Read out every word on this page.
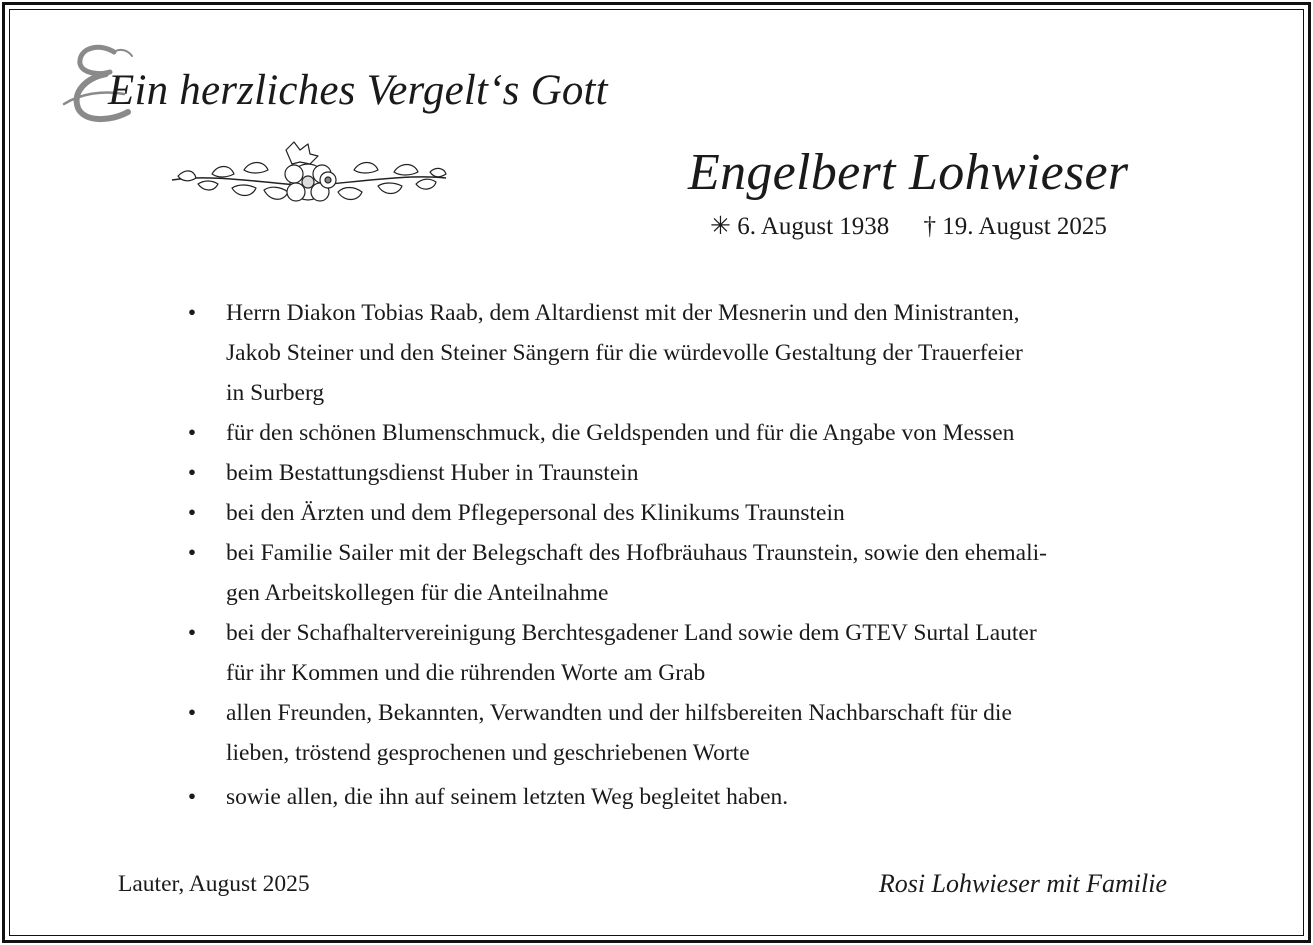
Ein herzliches Vergelt‘s Gott
Engelbert Lohwieser
✳ 6. August 1938 † 19. August 2025
• Herrn Diakon Tobias Raab, dem Altardienst mit der Mesnerin und den Ministranten,
Jakob Steiner und den Steiner Sängern für die würdevolle Gestaltung der Trauerfeier
in Surberg
• für den schönen Blumenschmuck, die Geldspenden und für die Angabe von Messen
• beim Bestattungsdienst Huber in Traunstein
• bei den Ärzten und dem Pflegepersonal des Klinikums Traunstein
• bei Familie Sailer mit der Belegschaft des Hofbräuhaus Traunstein, sowie den ehemali-
gen Arbeitskollegen für die Anteilnahme
• bei der Schafhaltervereinigung Berchtesgadener Land sowie dem GTEV Surtal Lauter
für ihr Kommen und die rührenden Worte am Grab
• allen Freunden, Bekannten, Verwandten und der hilfsbereiten Nachbarschaft für die
lieben, tröstend gesprochenen und geschriebenen Worte
• sowie allen, die ihn auf seinem letzten Weg begleitet haben.
Lauter, August 2025	Rosi Lohwieser mit Familie
